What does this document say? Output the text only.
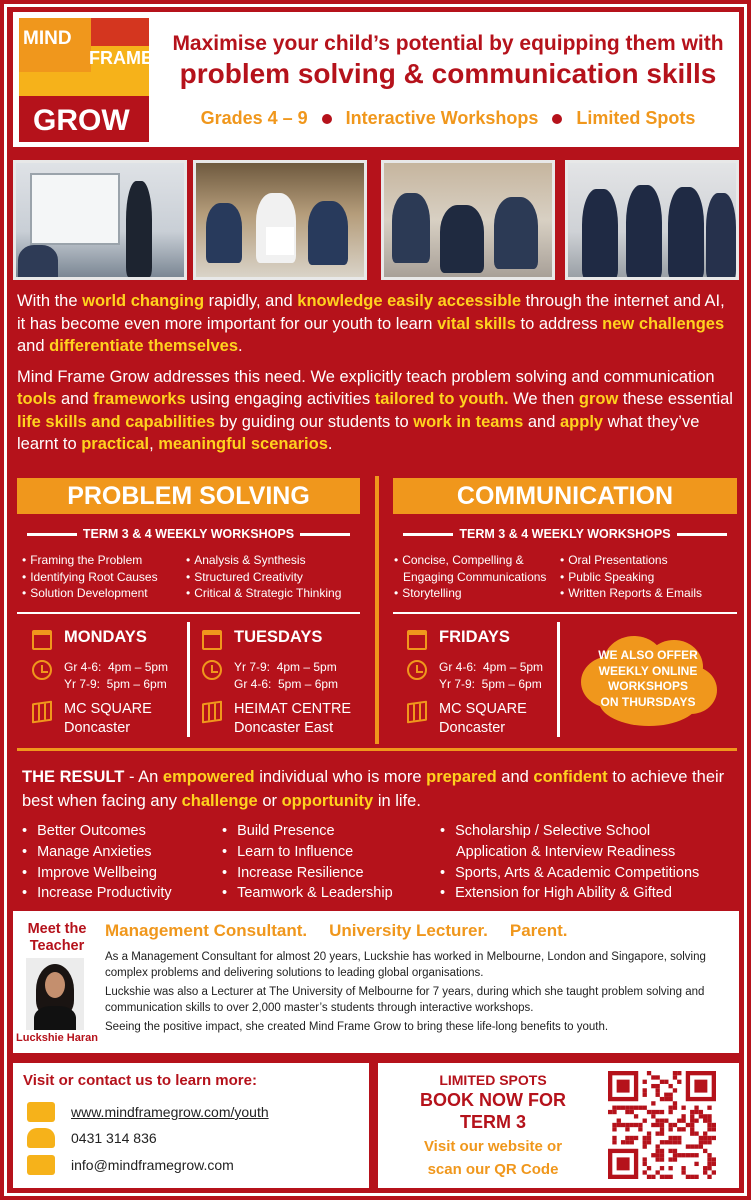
MIND
FRAME
GROW
Maximise your child’s potential by equipping them with
problem solving & communication skills
Grades 4 – 9 Interactive Workshops Limited Spots

With the world changing rapidly, and knowledge easily accessible through the internet and AI, it has become even more important for our youth to learn vital skills to address new challenges and differentiate themselves.

Mind Frame Grow addresses this need. We explicitly teach problem solving and communication tools and frameworks using engaging activities tailored to youth. We then grow these essential life skills and capabilities by guiding our students to work in teams and apply what they’ve learnt to practical, meaningful scenarios.

PROBLEM SOLVING	COMMUNICATION
TERM 3 & 4 WEEKLY WORKSHOPS	TERM 3 & 4 WEEKLY WORKSHOPS
• Framing the Problem
• Identifying Root Causes
• Solution Development
• Analysis & Synthesis
• Structured Creativity
• Critical & Strategic Thinking
• Concise, Compelling &
Engaging Communications
• Storytelling
• Oral Presentations
• Public Speaking
• Written Reports & Emails
MONDAYS
Gr 4-6:  4pm – 5pm
Yr 7-9:  5pm – 6pm
MC SQUARE
Doncaster
TUESDAYS
Yr 7-9:  4pm – 5pm
Gr 4-6:  5pm – 6pm
HEIMAT CENTRE
Doncaster East
FRIDAYS
Gr 4-6:  4pm – 5pm
Yr 7-9:  5pm – 6pm
MC SQUARE
Doncaster
WE ALSO OFFER
WEEKLY ONLINE
WORKSHOPS
ON THURSDAYS
THE RESULT - An empowered individual who is more prepared and confident to achieve their best when facing any challenge or opportunity in life.
• Better Outcomes
• Manage Anxieties
• Improve Wellbeing
• Increase Productivity
• Build Presence
• Learn to Influence
• Increase Resilience
• Teamwork & Leadership
• Scholarship / Selective School
Application & Interview Readiness
• Sports, Arts & Academic Competitions
• Extension for High Ability & Gifted
Meet the
Teacher
Luckshie Haran
Management Consultant. University Lecturer. Parent.

As a Management Consultant for almost 20 years, Luckshie has worked in Melbourne, London and Singapore, solving complex problems and delivering solutions to leading global organisations.

Luckshie was also a Lecturer at The University of Melbourne for 7 years, during which she taught problem solving and communication skills to over 2,000 master’s students through interactive workshops.

Seeing the positive impact, she created Mind Frame Grow to bring these life-long benefits to youth.

Visit or contact us to learn more:
www.mindframegrow.com/youth
0431 314 836
info@mindframegrow.com
LIMITED SPOTS
BOOK NOW FOR
TERM 3
Visit our website or
scan our QR Code
